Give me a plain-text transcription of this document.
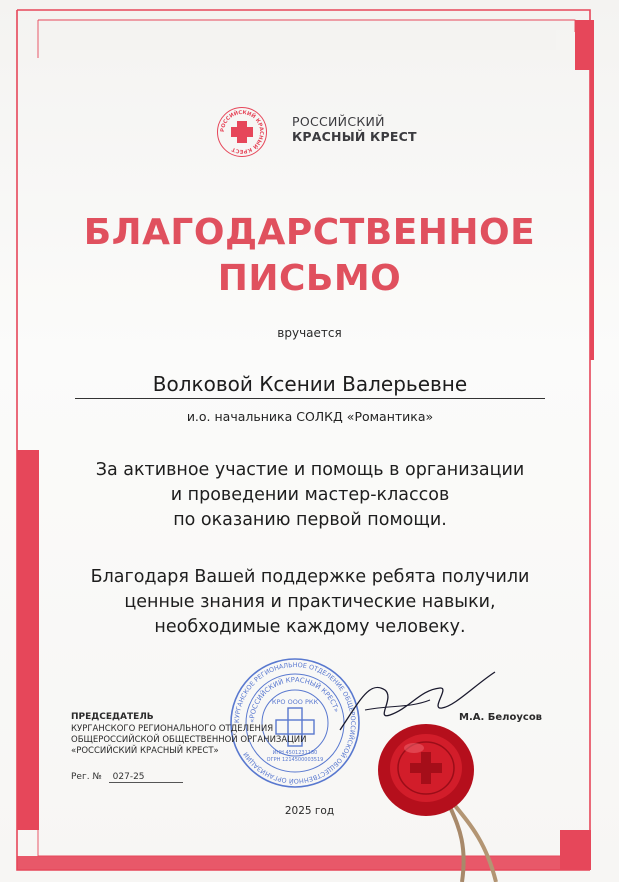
РОССИЙСКИЙ КРАСНЫЙ КРЕСТ
РОССИЙСКИЙ
КРАСНЫЙ КРЕСТ
БЛАГОДАРСТВЕННОЕ
ПИСЬМО
вручается
Волковой Ксении Валерьевне
и.о. начальника СОЛКД «Романтика»
За активное участие и помощь в организации
и проведении мастер-классов
по оказанию первой помощи.
Благодаря Вашей поддержке ребята получили
ценные знания и практические навыки,
необходимые каждому человеку.
КУРГАНСКОЕ РЕГИОНАЛЬНОЕ ОТДЕЛЕНИЕ ОБЩЕРОССИЙСКОЙ ОБЩЕСТВЕННОЙ ОРГАНИЗАЦИИ
«РОССИЙСКИЙ КРАСНЫЙ КРЕСТ»
КРО ООО РКК
ИНН 4501231180
ОГРН 1214500003519
ПРЕДСЕДАТЕЛЬ
КУРГАНСКОГО РЕГИОНАЛЬНОГО ОТДЕЛЕНИЯ
ОБЩЕРОССИЙСКОЙ ОБЩЕСТВЕННОЙ ОРГАНИЗАЦИИ
«РОССИЙСКИЙ КРАСНЫЙ КРЕСТ»
Рег. № 027-25
М.А. Белоусов
2025 год
